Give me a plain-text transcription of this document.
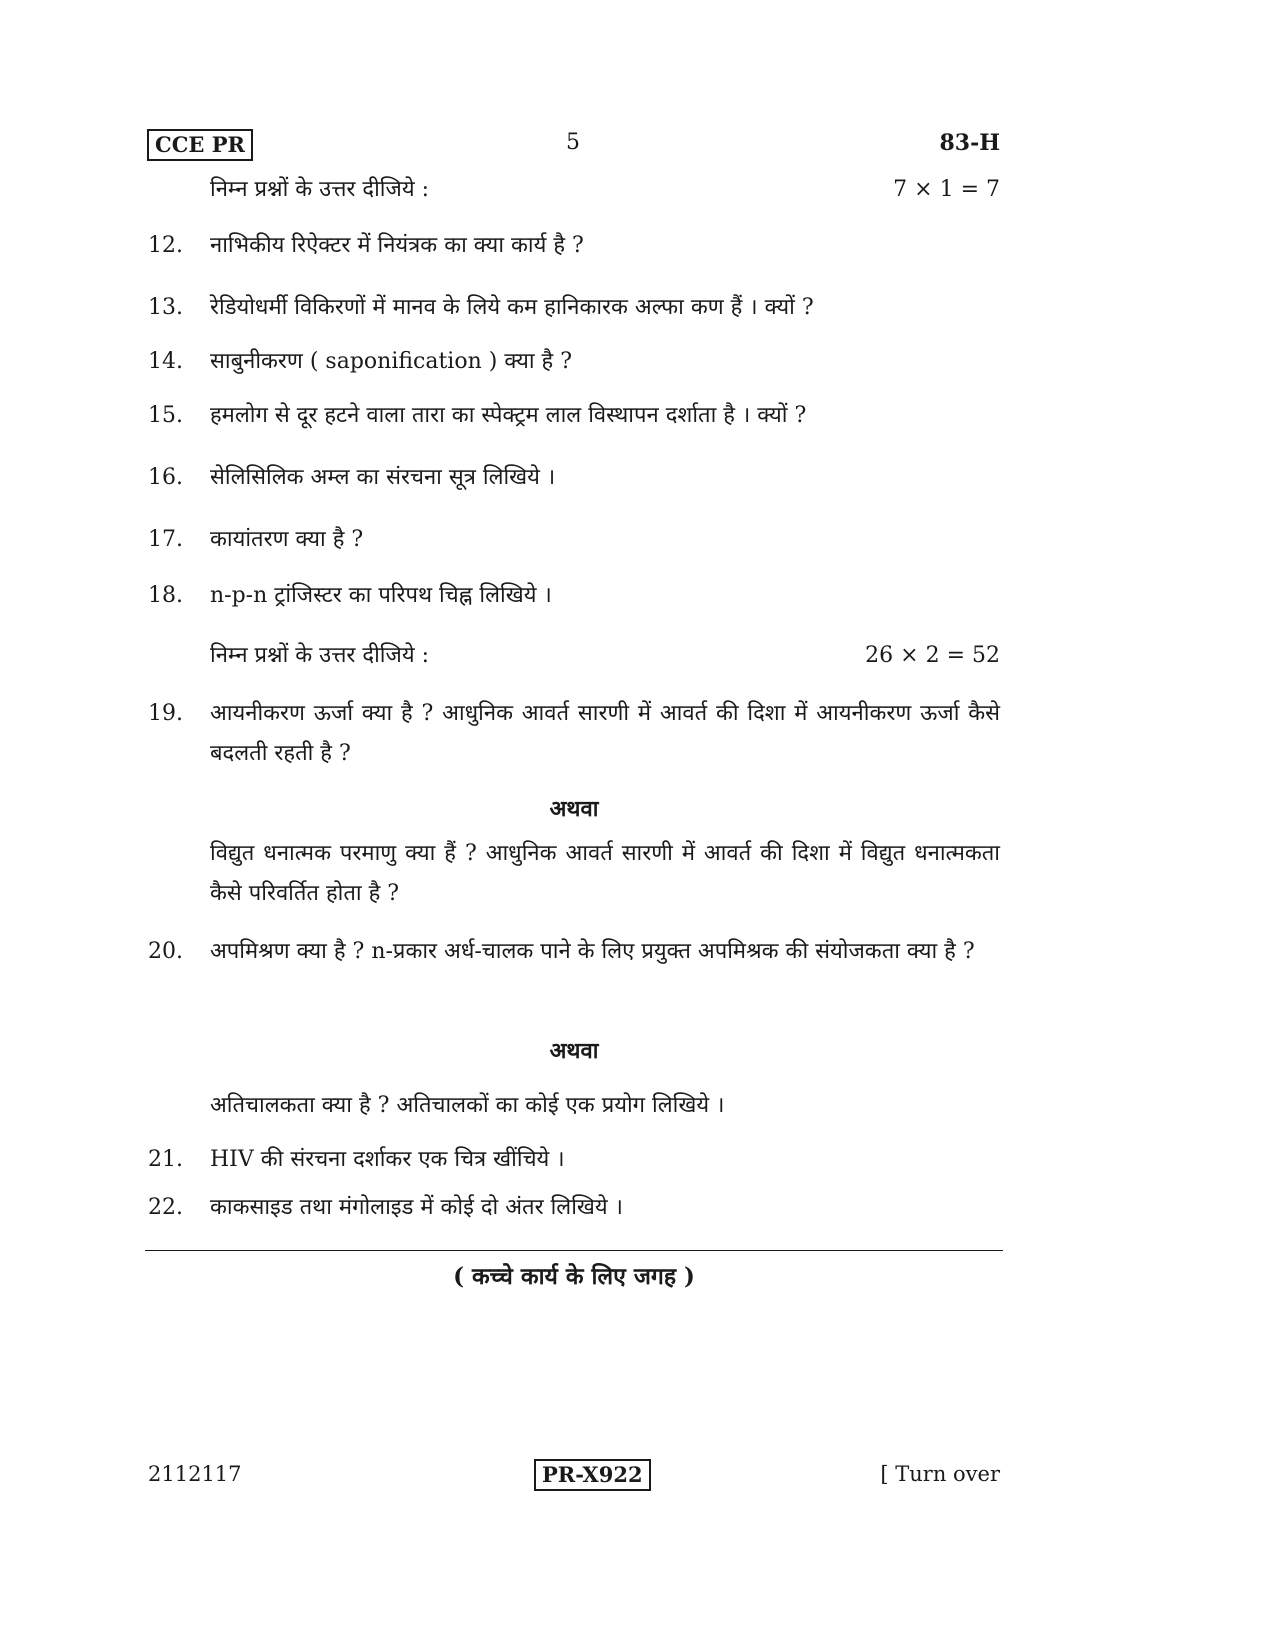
CCE PR	5	83-H
निम्न प्रश्नों के उत्तर दीजिये :	7 × 1 = 7
12.	नाभिकीय रिऐक्टर में नियंत्रक का क्या कार्य है ?
13.	रेडियोधर्मी विकिरणों में मानव के लिये कम हानिकारक अल्फा कण हैं । क्यों ?
14.	साबुनीकरण ( saponification ) क्या है ?
15.	हमलोग से दूर हटने वाला तारा का स्पेक्ट्रम लाल विस्थापन दर्शाता है । क्यों ?
16.	सेलिसिलिक अम्ल का संरचना सूत्र लिखिये ।
17.	कायांतरण क्या है ?
18.	n-p-n ट्रांजिस्टर का परिपथ चिह्न लिखिये ।
निम्न प्रश्नों के उत्तर दीजिये :	26 × 2 = 52
19.	आयनीकरण ऊर्जा क्या है ? आधुनिक आवर्त सारणी में आवर्त की दिशा में आयनीकरण ऊर्जा कैसे बदलती रहती है ?
अथवा
विद्युत धनात्मक परमाणु क्या हैं ? आधुनिक आवर्त सारणी में आवर्त की दिशा में विद्युत धनात्मकता कैसे परिवर्तित होता है ?
20.	अपमिश्रण क्या है ? n-प्रकार अर्ध-चालक पाने के लिए प्रयुक्त अपमिश्रक की संयोजकता क्या है ?
अथवा
अतिचालकता क्या है ? अतिचालकों का कोई एक प्रयोग लिखिये ।
21.	HIV की संरचना दर्शाकर एक चित्र खींचिये ।
22.	काकसाइड तथा मंगोलाइड में कोई दो अंतर लिखिये ।
( कच्चे कार्य के लिए जगह )
2112117	PR-X922	[ Turn over
